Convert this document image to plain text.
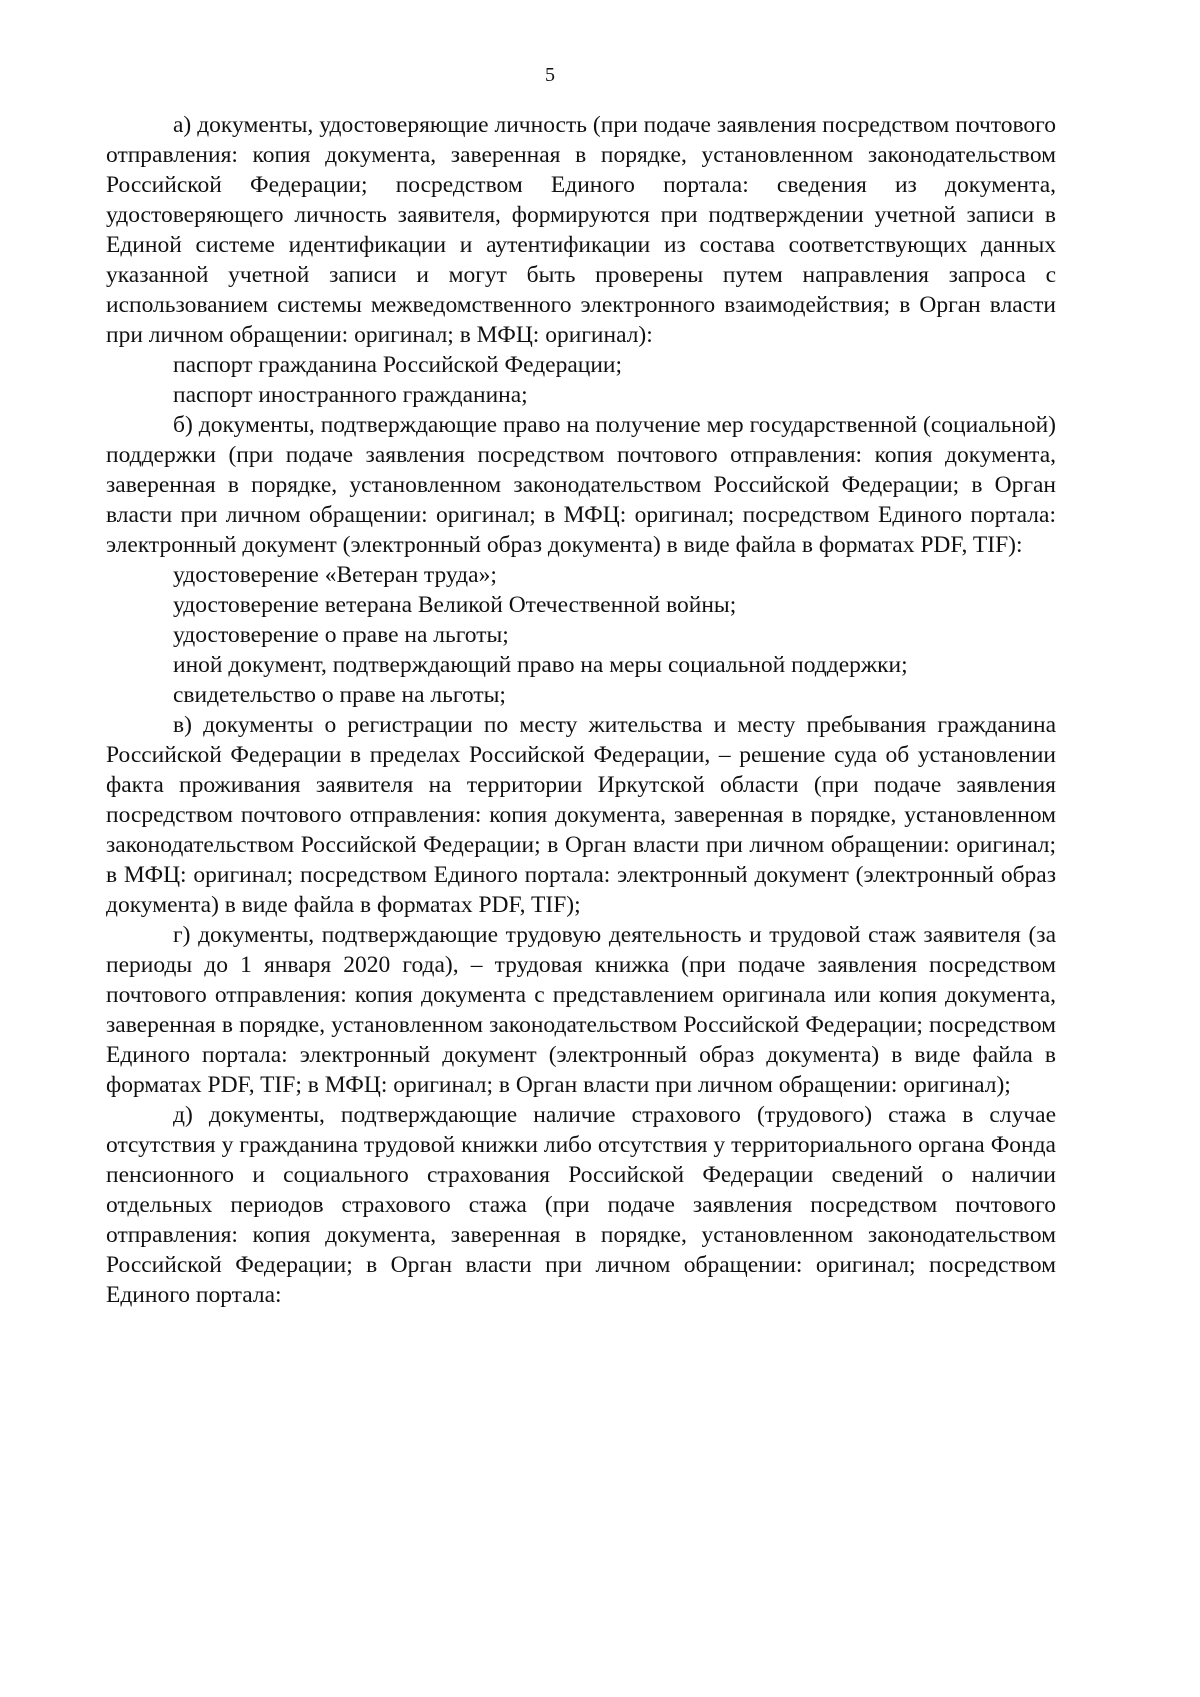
5

а) документы, удостоверяющие личность (при подаче заявления посредством почтового отправления: копия документа, заверенная в порядке, установленном законодательством Российской Федерации; посредством Единого портала: сведения из документа, удостоверяющего личность заявителя, формируются при подтверждении учетной записи в Единой системе идентификации и аутентификации из состава соответствующих данных указанной учетной записи и могут быть проверены путем направления запроса с использованием системы межведомственного электронного взаимодействия; в Орган власти при личном обращении: оригинал; в МФЦ: оригинал):

паспорт гражданина Российской Федерации;

паспорт иностранного гражданина;

б) документы, подтверждающие право на получение мер государственной (социальной) поддержки (при подаче заявления посредством почтового отправления: копия документа, заверенная в порядке, установленном законодательством Российской Федерации; в Орган власти при личном обращении: оригинал; в МФЦ: оригинал; посредством Единого портала: электронный документ (электронный образ документа) в виде файла в форматах PDF, TIF):

удостоверение «Ветеран труда»;

удостоверение ветерана Великой Отечественной войны;

удостоверение о праве на льготы;

иной документ, подтверждающий право на меры социальной поддержки;

свидетельство о праве на льготы;

в) документы о регистрации по месту жительства и месту пребывания гражданина Российской Федерации в пределах Российской Федерации, – решение суда об установлении факта проживания заявителя на территории Иркутской области (при подаче заявления посредством почтового отправления: копия документа, заверенная в порядке, установленном законодательством Российской Федерации; в Орган власти при личном обращении: оригинал; в МФЦ: оригинал; посредством Единого портала: электронный документ (электронный образ документа) в виде файла в форматах PDF, TIF);

г) документы, подтверждающие трудовую деятельность и трудовой стаж заявителя (за периоды до 1 января 2020 года), – трудовая книжка (при подаче заявления посредством почтового отправления: копия документа с представлением оригинала или копия документа, заверенная в порядке, установленном законодательством Российской Федерации; посредством Единого портала: электронный документ (электронный образ документа) в виде файла в форматах PDF, TIF; в МФЦ: оригинал; в Орган власти при личном обращении: оригинал);

д) документы, подтверждающие наличие страхового (трудового) стажа в случае отсутствия у гражданина трудовой книжки либо отсутствия у территориального органа Фонда пенсионного и социального страхования Российской Федерации сведений о наличии отдельных периодов страхового стажа (при подаче заявления посредством почтового отправления: копия документа, заверенная в порядке, установленном законодательством Российской Федерации; в Орган власти при личном обращении: оригинал; посредством Единого портала:
